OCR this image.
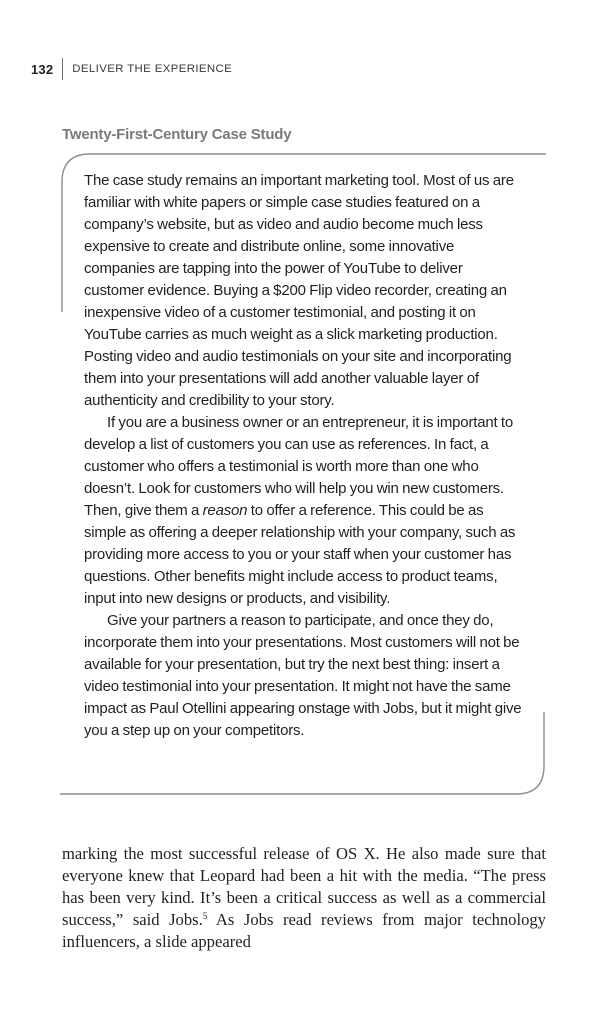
132 DELIVER THE EXPERIENCE
Twenty-First-Century Case Study

The case study remains an important marketing tool. Most of us are familiar with white papers or simple case studies featured on a company’s website, but as video and audio become much less expensive to create and distribute online, some innovative companies are tapping into the power of YouTube to deliver customer evidence. Buying a $200 Flip video recorder, creating an inexpensive video of a customer testimonial, and posting it on YouTube carries as much weight as a slick marketing production. Posting video and audio testimonials on your site and incorporating them into your presentations will add another valuable layer of authenticity and credibility to your story.

If you are a business owner or an entrepreneur, it is important to develop a list of customers you can use as references. In fact, a customer who offers a testimonial is worth more than one who doesn’t. Look for customers who will help you win new customers. Then, give them a reason to offer a reference. This could be as simple as offering a deeper relationship with your company, such as providing more access to you or your staff when your customer has questions. Other benefits might include access to product teams, input into new designs or products, and visibility.

Give your partners a reason to participate, and once they do, incorporate them into your presentations. Most customers will not be available for your presentation, but try the next best thing: insert a video testimonial into your presentation. It might not have the same impact as Paul Otellini appearing onstage with Jobs, but it might give you a step up on your competitors.

marking the most successful release of OS X. He also made sure that everyone knew that Leopard had been a hit with the media. “The press has been very kind. It’s been a critical success as well as a commercial success,” said Jobs.$^5$ As Jobs read reviews from major technology influencers, a slide appeared
